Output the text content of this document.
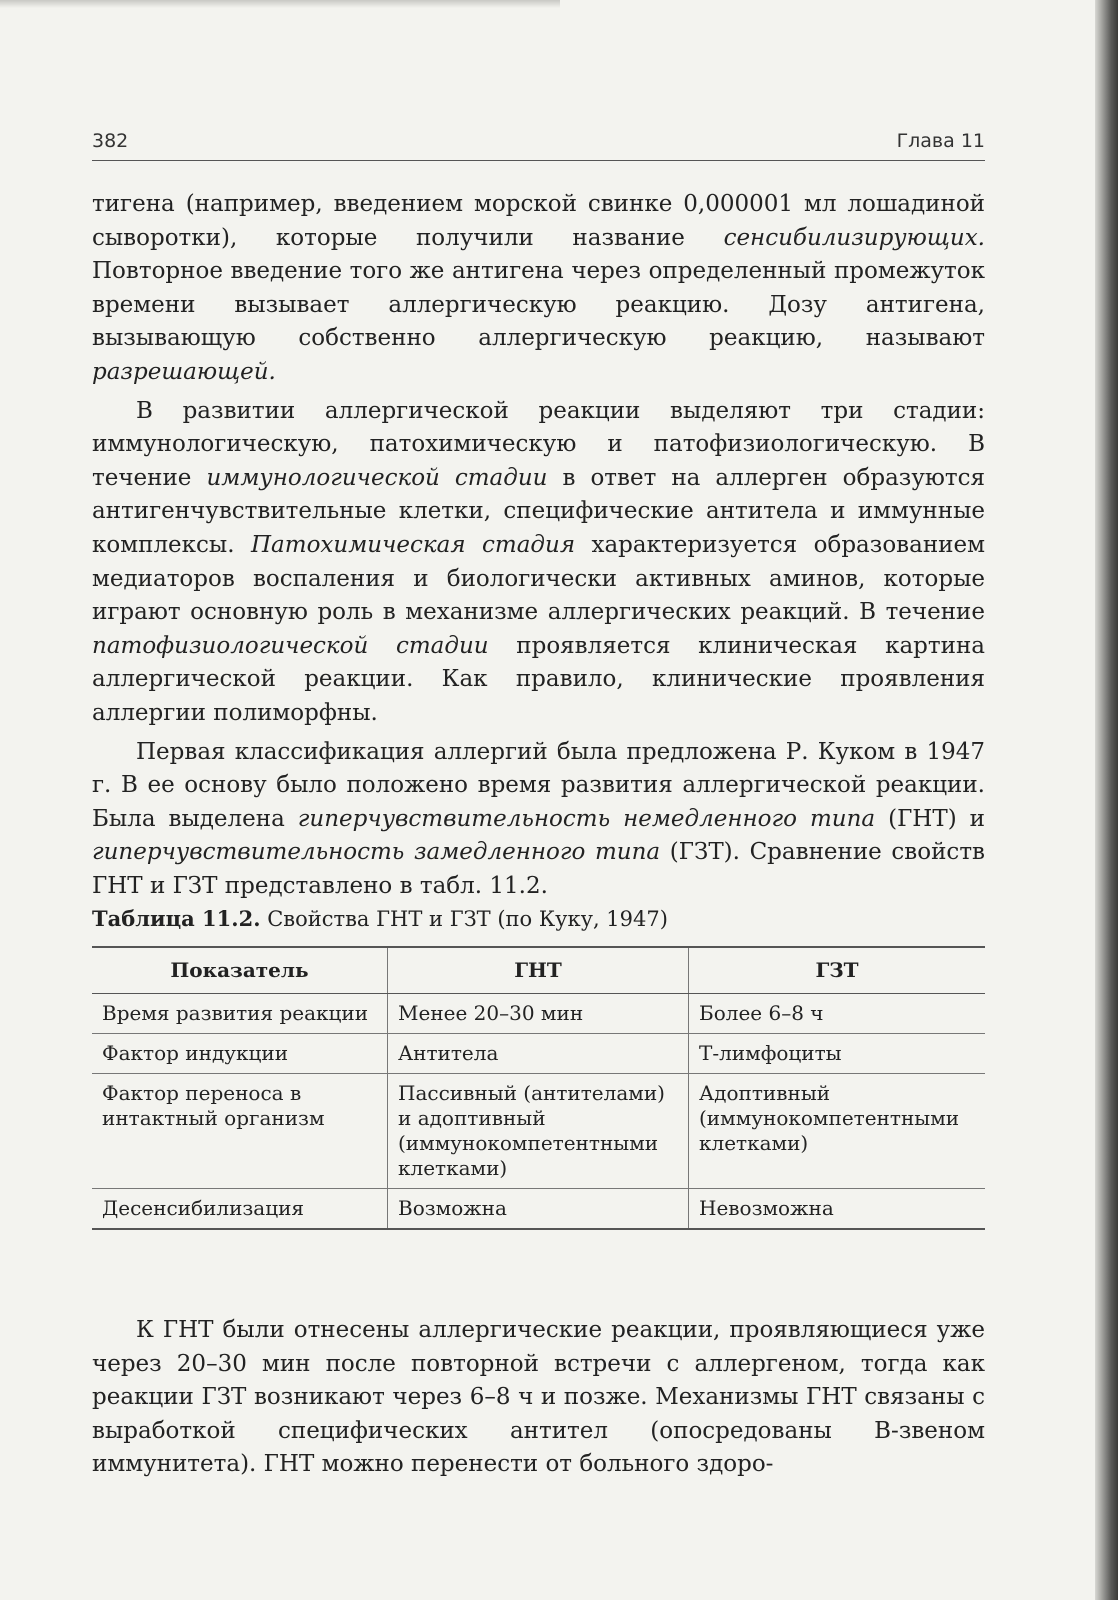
382	Глава 11

тигена (например, введением морской свинке 0,000001 мл лошадиной сыворотки), которые получили название сенсибилизирующих. Повторное введение того же антигена через определенный промежуток времени вызывает аллергическую реакцию. Дозу антигена, вызывающую собственно аллергическую реакцию, называют разрешающей.

В развитии аллергической реакции выделяют три стадии: иммунологическую, патохимическую и патофизиологическую. В течение иммунологической стадии в ответ на аллерген образуются антигенчувствительные клетки, специфические антитела и иммунные комплексы. Патохимическая стадия характеризуется образованием медиаторов воспаления и биологически активных аминов, которые играют основную роль в механизме аллергических реакций. В течение патофизиологической стадии проявляется клиническая картина аллергической реакции. Как правило, клинические проявления аллергии полиморфны.

Первая классификация аллергий была предложена Р. Куком в 1947 г. В ее основу было положено время развития аллергической реакции. Была выделена гиперчувствительность немедленного типа (ГНТ) и гиперчувствительность замедленного типа (ГЗТ). Сравнение свойств ГНТ и ГЗТ представлено в табл. 11.2.

Таблица 11.2. Свойства ГНТ и ГЗТ (по Куку, 1947)
Показатель	ГНТ	ГЗТ
Время развития реакции	Менее 20–30 мин	Более 6–8 ч
Фактор индукции	Антитела	Т-лимфоциты
Фактор переноса в интактный организм	Пассивный (антителами) и адоптивный (иммунокомпетентными клетками)	Адоптивный (иммунокомпетентными клетками)
Десенсибилизация	Возможна	Невозможна

К ГНТ были отнесены аллергические реакции, проявляющиеся уже через 20–30 мин после повторной встречи с аллергеном, тогда как реакции ГЗТ возникают через 6–8 ч и позже. Механизмы ГНТ связаны с выработкой специфических антител (опосредованы В-звеном иммунитета). ГНТ можно перенести от больного здоро-
